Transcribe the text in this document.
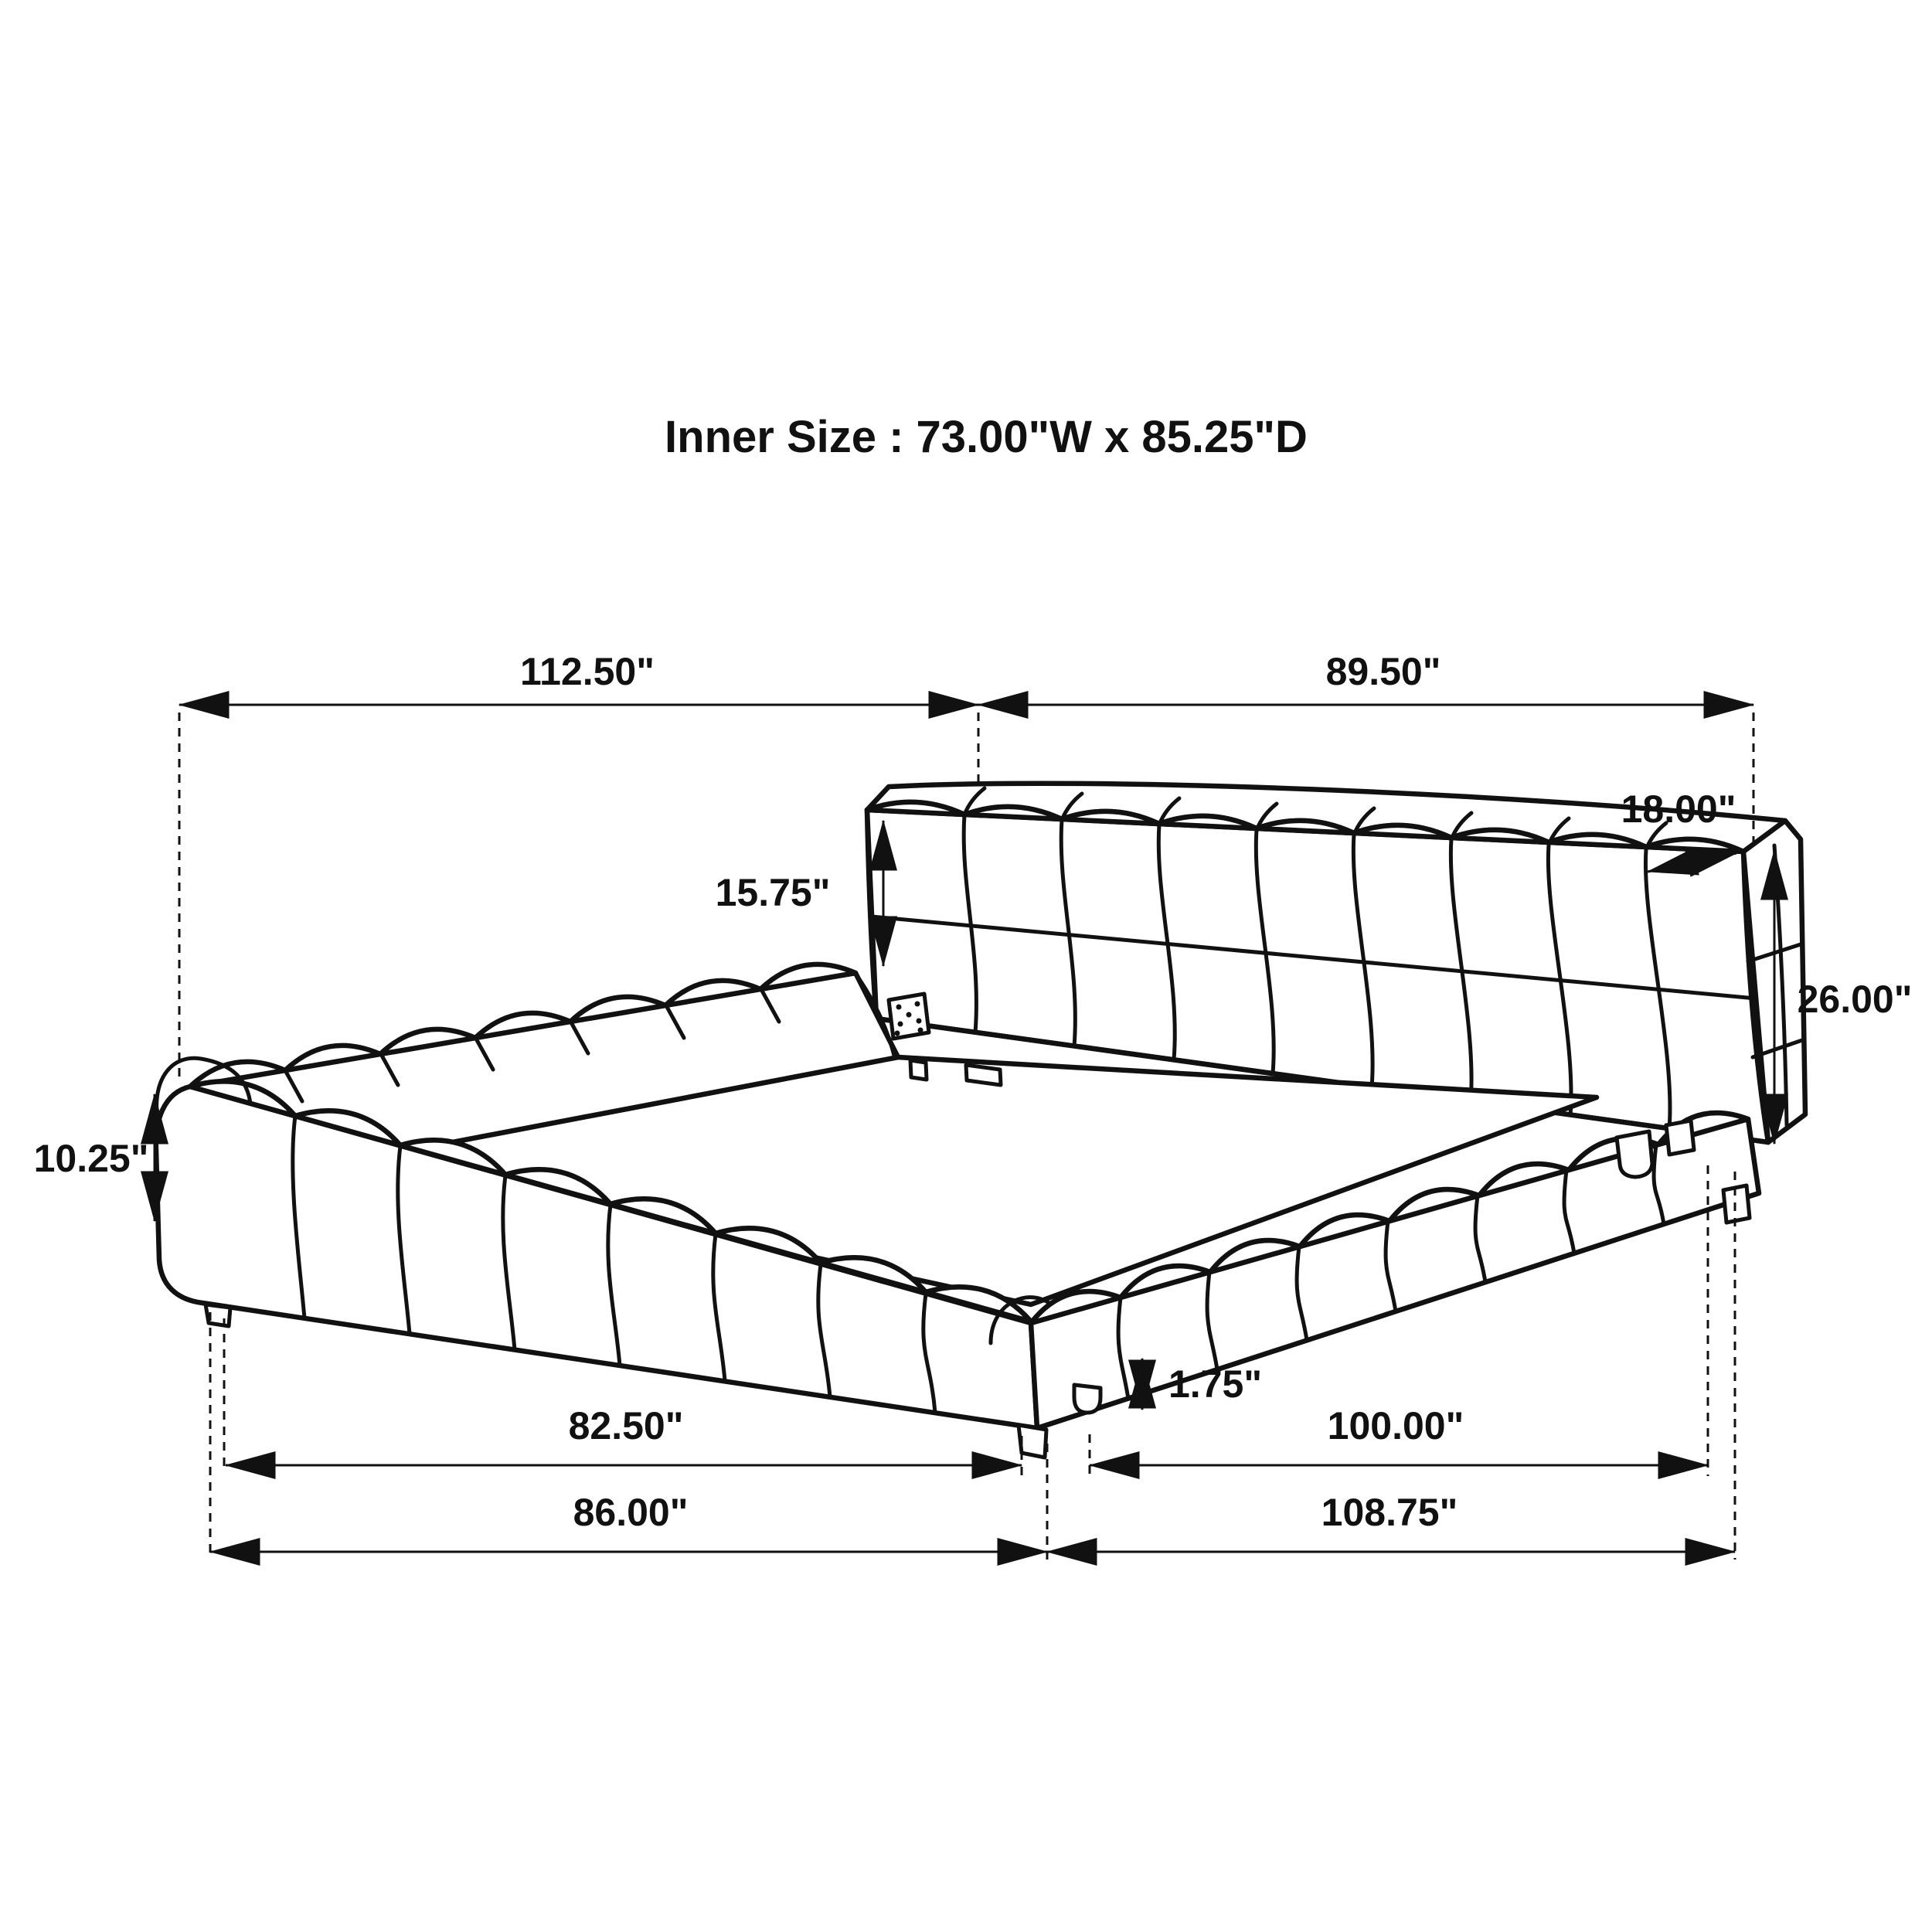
Inner Size : 73.00"W x 85.25"D
112.50"	89.50"
15.75"
18.00"
26.00"
10.25"
1.75"
82.50"	100.00"
86.00"	108.75"
